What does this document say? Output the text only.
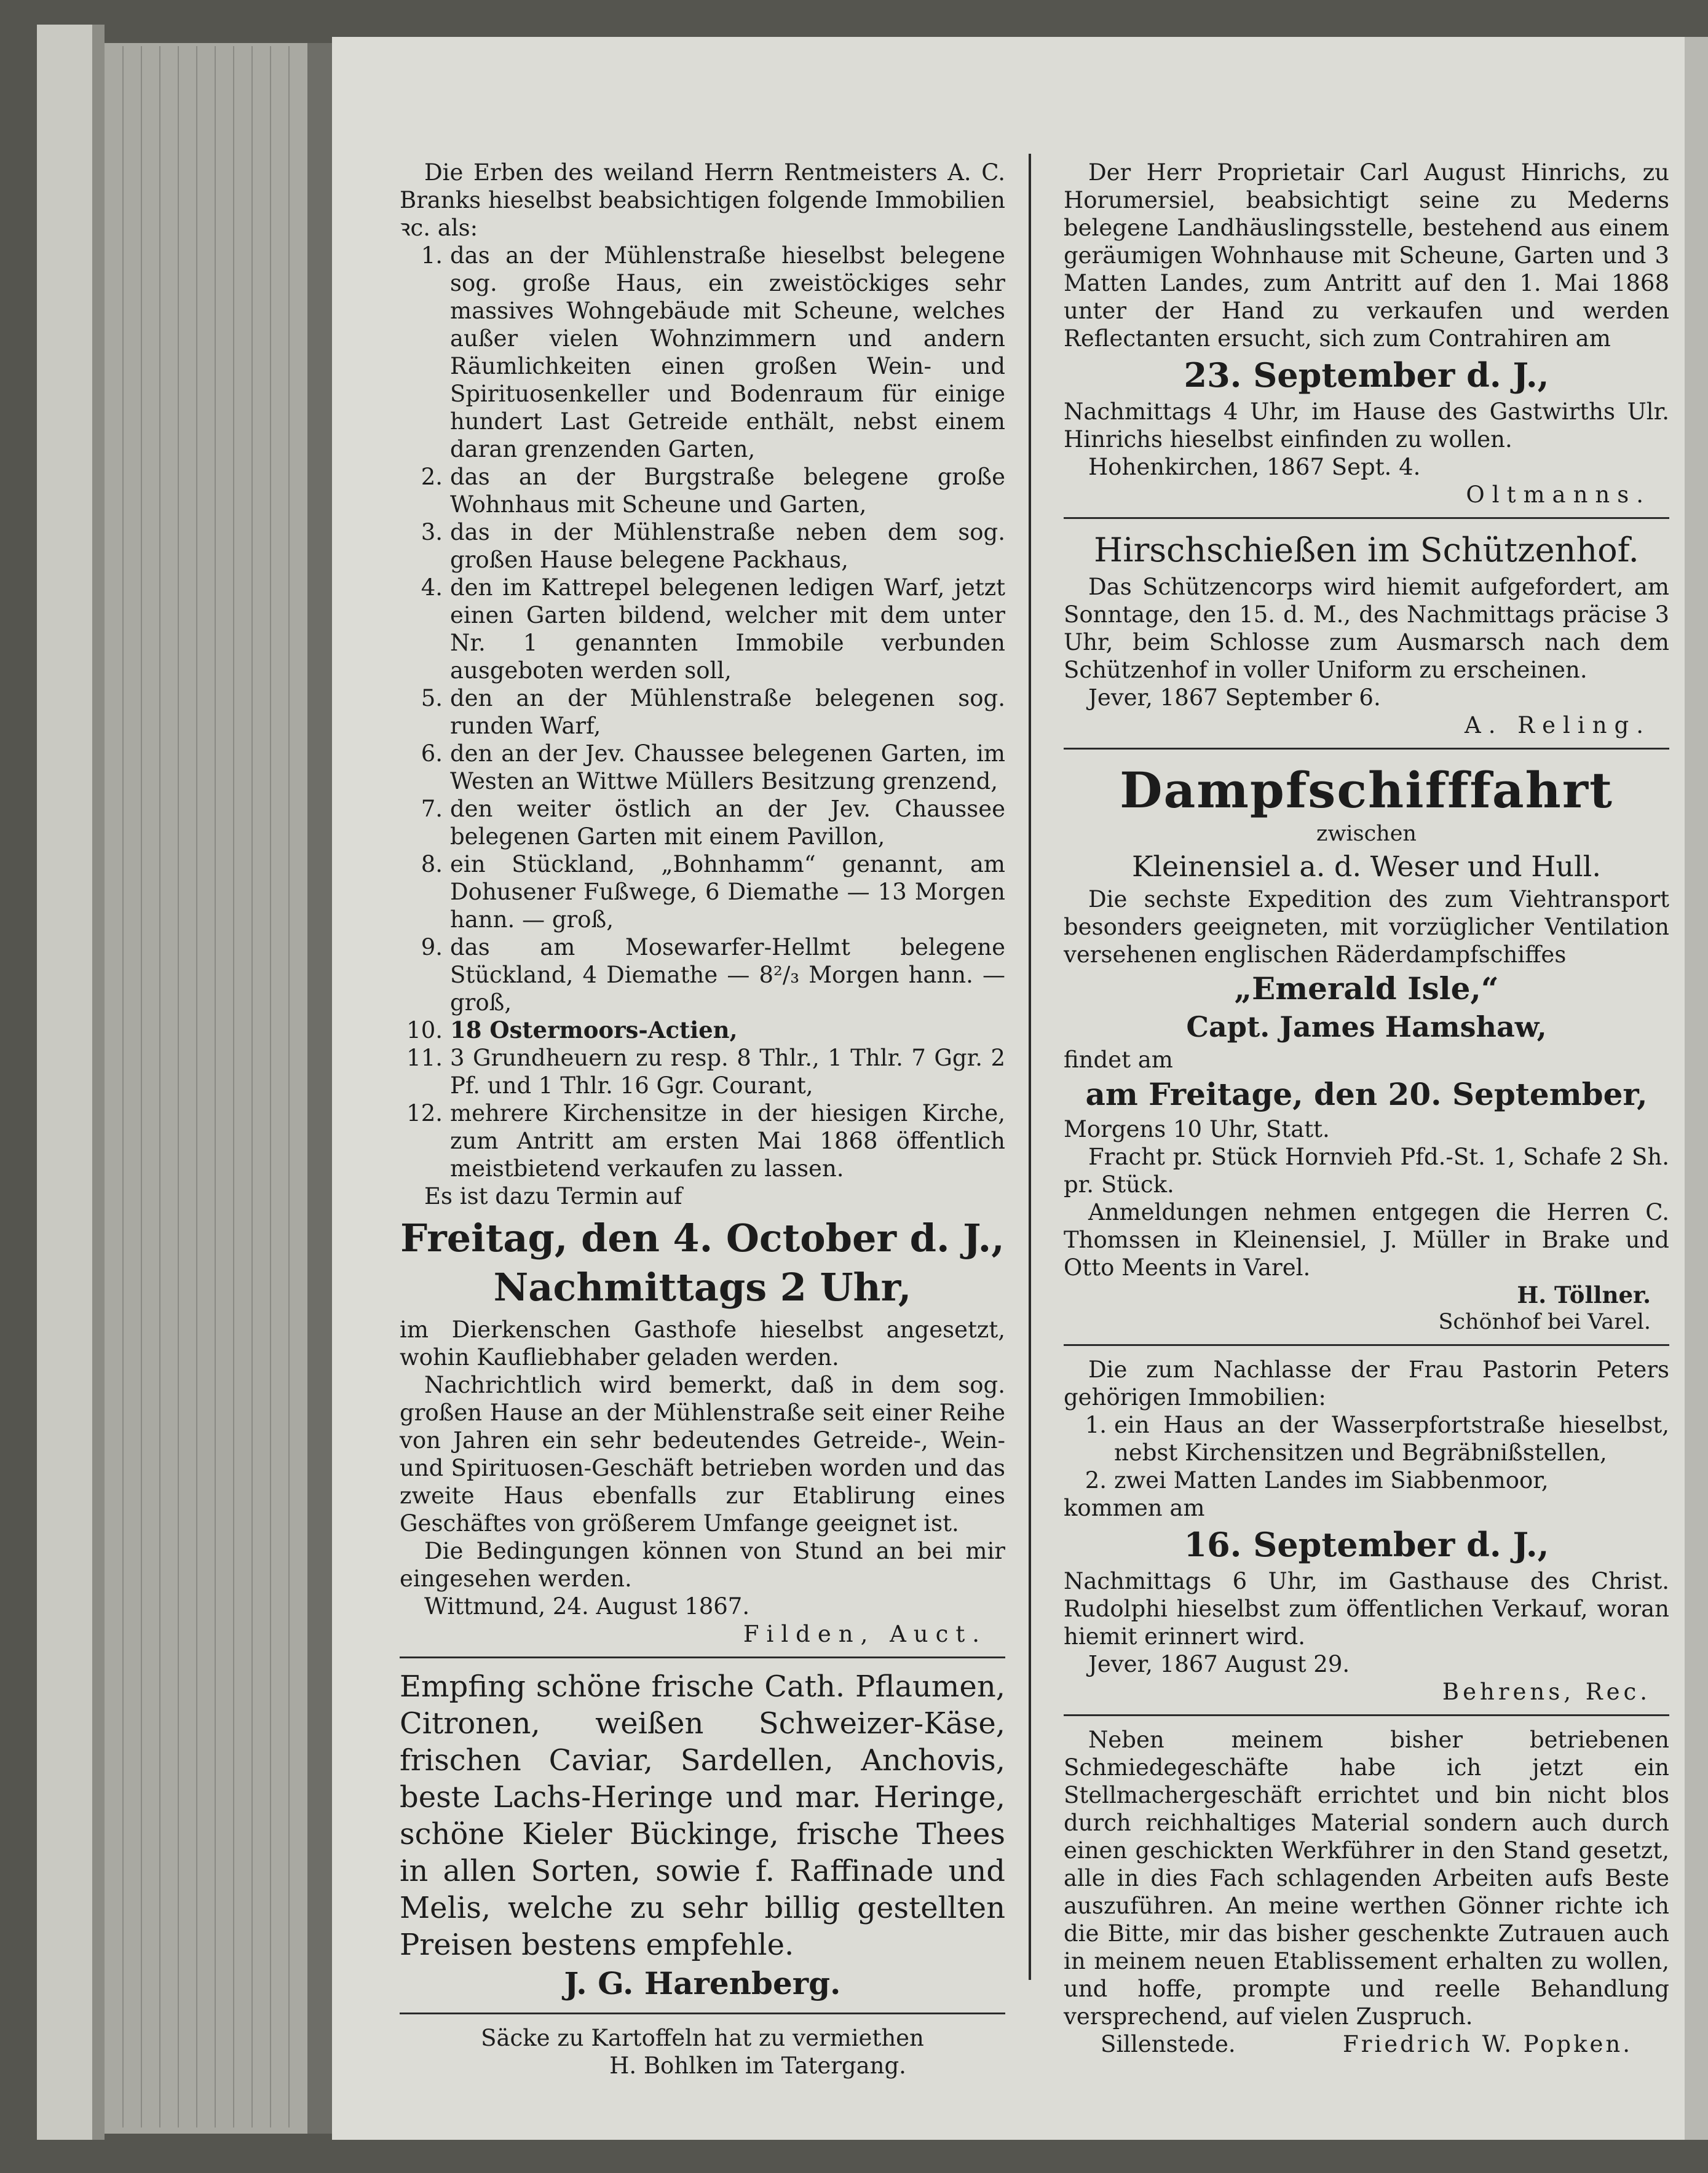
Die Erben des weiland Herrn Rentmeisters A. C. Branks hieselbst beabsichtigen folgende Immobilien ꝛc. als:

1. das an der Mühlenstraße hieselbst belegene sog. große Haus, ein zweistöckiges sehr massives Wohngebäude mit Scheune, welches außer vielen Wohnzimmern und andern Räumlichkeiten einen großen Wein- und Spirituosenkeller und Bodenraum für einige hundert Last Getreide enthält, nebst einem daran grenzenden Garten,
2. das an der Burgstraße belegene große Wohnhaus mit Scheune und Garten,
3. das in der Mühlenstraße neben dem sog. großen Hause belegene Packhaus,
4. den im Kattrepel belegenen ledigen Warf, jetzt einen Garten bildend, welcher mit dem unter Nr. 1 genannten Immobile verbunden ausgeboten werden soll,
5. den an der Mühlenstraße belegenen sog. runden Warf,
6. den an der Jev. Chaussee belegenen Garten, im Westen an Wittwe Müllers Besitzung grenzend,
7. den weiter östlich an der Jev. Chaussee belegenen Garten mit einem Pavillon,
8. ein Stückland, „Bohnhamm“ genannt, am Dohusener Fußwege, 6 Diemathe — 13 Morgen hann. — groß,
9. das am Mosewarfer-Hellmt belegene Stückland, 4 Diemathe — 8²/₃ Morgen hann. — groß,
10. 18 Ostermoors-Actien,
11. 3 Grundheuern zu resp. 8 Thlr., 1 Thlr. 7 Ggr. 2 Pf. und 1 Thlr. 16 Ggr. Courant,
12. mehrere Kirchensitze in der hiesigen Kirche, zum Antritt am ersten Mai 1868 öffentlich meistbietend verkaufen zu lassen.

Es ist dazu Termin auf

Freitag, den 4. October d. J.,
Nachmittags 2 Uhr,

im Dierkenschen Gasthofe hieselbst angesetzt, wohin Kaufliebhaber geladen werden.

Nachrichtlich wird bemerkt, daß in dem sog. großen Hause an der Mühlenstraße seit einer Reihe von Jahren ein sehr bedeutendes Getreide-, Wein- und Spirituosen-Geschäft betrieben worden und das zweite Haus ebenfalls zur Etablirung eines Geschäftes von größerem Umfange geeignet ist.

Die Bedingungen können von Stund an bei mir eingesehen werden.

Wittmund, 24. August 1867.

Filden, Auct.

Empfing schöne frische Cath. Pflaumen, Citronen, weißen Schweizer-Käse, frischen Caviar, Sardellen, Anchovis, beste Lachs-Heringe und mar. Heringe, schöne Kieler Bückinge, frische Thees in allen Sorten, sowie f. Raffinade und Melis, welche zu sehr billig gestellten Preisen bestens empfehle.

J. G. Harenberg.

Säcke zu Kartoffeln hat zu vermiethen

H. Bohlken im Tatergang.

Der Herr Proprietair Carl August Hinrichs, zu Horumersiel, beabsichtigt seine zu Mederns belegene Landhäuslingsstelle, bestehend aus einem geräumigen Wohnhause mit Scheune, Garten und 3 Matten Landes, zum Antritt auf den 1. Mai 1868 unter der Hand zu verkaufen und werden Reflectanten ersucht, sich zum Contrahiren am

23. September d. J.,

Nachmittags 4 Uhr, im Hause des Gastwirths Ulr. Hinrichs hieselbst einfinden zu wollen.

Hohenkirchen, 1867 Sept. 4.

Oltmanns.

Hirschschießen im Schützenhof.

Das Schützencorps wird hiemit aufgefordert, am Sonntage, den 15. d. M., des Nachmittags präcise 3 Uhr, beim Schlosse zum Ausmarsch nach dem Schützenhof in voller Uniform zu erscheinen.

Jever, 1867 September 6.

A. Reling.

Dampfschifffahrt

zwischen

Kleinensiel a. d. Weser und Hull.

Die sechste Expedition des zum Viehtransport besonders geeigneten, mit vorzüglicher Ventilation versehenen englischen Räderdampfschiffes

„Emerald Isle,“
Capt. James Hamshaw,

findet am

am Freitage, den 20. September,

Morgens 10 Uhr, Statt.

Fracht pr. Stück Hornvieh Pfd.-St. 1, Schafe 2 Sh. pr. Stück.

Anmeldungen nehmen entgegen die Herren C. Thomssen in Kleinensiel, J. Müller in Brake und Otto Meents in Varel.

H. Töllner.

Schönhof bei Varel.

Die zum Nachlasse der Frau Pastorin Peters gehörigen Immobilien:

1. ein Haus an der Wasserpfortstraße hieselbst, nebst Kirchensitzen und Begräbnißstellen,
2. zwei Matten Landes im Siabbenmoor,

kommen am

16. September d. J.,

Nachmittags 6 Uhr, im Gasthause des Christ. Rudolphi hieselbst zum öffentlichen Verkauf, woran hiemit erinnert wird.

Jever, 1867 August 29.

Behrens, Rec.

Neben meinem bisher betriebenen Schmiedegeschäfte habe ich jetzt ein Stellmachergeschäft errichtet und bin nicht blos durch reichhaltiges Material sondern auch durch einen geschickten Werkführer in den Stand gesetzt, alle in dies Fach schlagenden Arbeiten aufs Beste auszuführen. An meine werthen Gönner richte ich die Bitte, mir das bisher geschenkte Zutrauen auch in meinem neuen Etablissement erhalten zu wollen, und hoffe, prompte und reelle Behandlung versprechend, auf vielen Zuspruch.

Sillenstede.	Friedrich W. Popken.
